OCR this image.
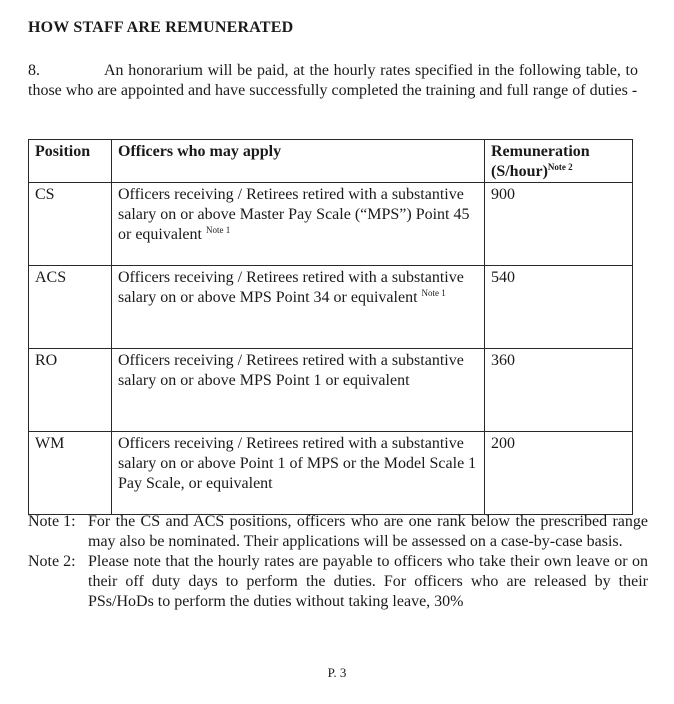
HOW STAFF ARE REMUNERATED
8.	An honorarium will be paid, at the hourly rates specified in the following table, to those who are appointed and have successfully completed the training and full range of duties -
Position	Officers who may apply	Remuneration (S/hour)$^{Note 2}$
CS	Officers receiving / Retirees retired with a substantive salary on or above Master Pay Scale (“MPS”) Point 45 or equivalent $^{Note 1}$	900
ACS	Officers receiving / Retirees retired with a substantive salary on or above MPS Point 34 or equivalent $^{Note 1}$	540
RO	Officers receiving / Retirees retired with a substantive salary on or above MPS Point 1 or equivalent	360
WM	Officers receiving / Retirees retired with a substantive salary on or above Point 1 of MPS or the Model Scale 1 Pay Scale, or equivalent	200
Note 1: For the CS and ACS positions, officers who are one rank below the prescribed range may also be nominated. Their applications will be assessed on a case-by-case basis.
Note 2: Please note that the hourly rates are payable to officers who take their own leave or on their off duty days to perform the duties. For officers who are released by their PSs/HoDs to perform the duties without taking leave, 30%
P. 3
